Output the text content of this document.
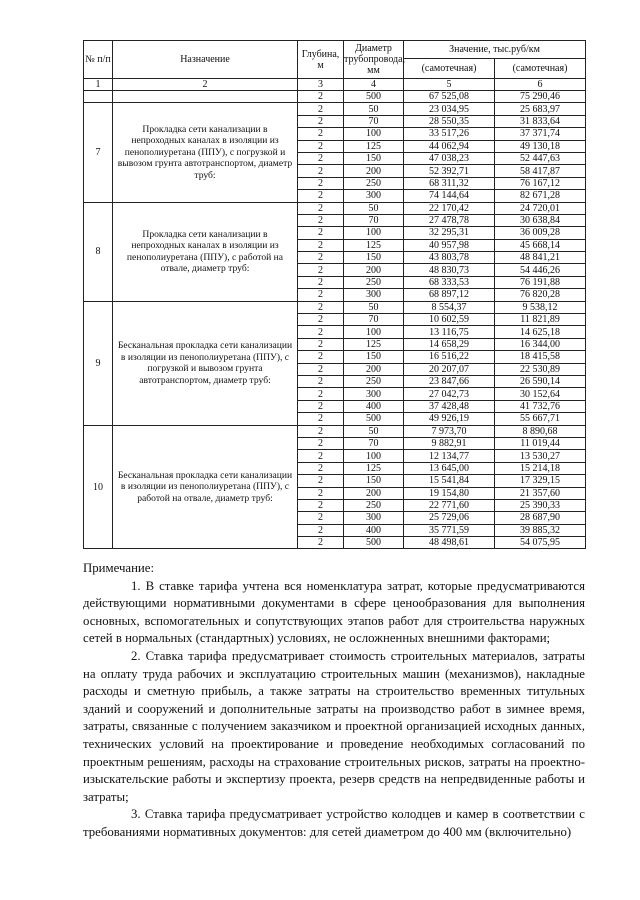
№ п/п	Назначение	Глубина, м	Диаметр трубопровода, мм	Значение, тыс.руб/км	
				(самотечная)	(самотечная)
1	2	3	4	5	6
		2	500	67 525,08	75 290,46
7	Прокладка сети канализации в непроходных каналах в изоляции из пенополиуретана (ППУ), с погрузкой и вывозом грунта автотранспортом, диаметр труб:	2	50	23 034,95	25 683,97
		2	70	28 550,35	31 833,64
		2	100	33 517,26	37 371,74
		2	125	44 062,94	49 130,18
		2	150	47 038,23	52 447,63
		2	200	52 392,71	58 417,87
		2	250	68 311,32	76 167,12
		2	300	74 144,64	82 671,28
8	Прокладка сети канализации в непроходных каналах в изоляции из пенополиуретана (ППУ), с работой на отвале, диаметр труб:	2	50	22 170,42	24 720,01
		2	70	27 478,78	30 638,84
		2	100	32 295,31	36 009,28
		2	125	40 957,98	45 668,14
		2	150	43 803,78	48 841,21
		2	200	48 830,73	54 446,26
		2	250	68 333,53	76 191,88
		2	300	68 897,12	76 820,28
9	Бесканальная прокладка сети канализации в изоляции из пенополиуретана (ППУ), с погрузкой и вывозом грунта автотранспортом, диаметр труб:	2	50	8 554,37	9 538,12
		2	70	10 602,59	11 821,89
		2	100	13 116,75	14 625,18
		2	125	14 658,29	16 344,00
		2	150	16 516,22	18 415,58
		2	200	20 207,07	22 530,89
		2	250	23 847,66	26 590,14
		2	300	27 042,73	30 152,64
		2	400	37 428,48	41 732,76
		2	500	49 926,19	55 667,71
10	Бесканальная прокладка сети канализации в изоляции из пенополиуретана (ППУ), с работой на отвале, диаметр труб:	2	50	7 973,70	8 890,68
		2	70	9 882,91	11 019,44
		2	100	12 134,77	13 530,27
		2	125	13 645,00	15 214,18
		2	150	15 541,84	17 329,15
		2	200	19 154,80	21 357,60
		2	250	22 771,60	25 390,33
		2	300	25 729,06	28 687,90
		2	400	35 771,59	39 885,32
		2	500	48 498,61	54 075,95

Примечание:

1. В ставке тарифа учтена вся номенклатура затрат, которые предусматриваются действующими нормативными документами в сфере ценообразования для выполнения основных, вспомогательных и сопутствующих этапов работ для строительства наружных сетей в нормальных (стандартных) условиях, не осложненных внешними факторами;

2. Ставка тарифа предусматривает стоимость строительных материалов, затраты на оплату труда рабочих и эксплуатацию строительных машин (механизмов), накладные расходы и сметную прибыль, а также затраты на строительство временных титульных зданий и сооружений и дополнительные затраты на производство работ в зимнее время, затраты, связанные с получением заказчиком и проектной организацией исходных данных, технических условий на проектирование и проведение необходимых согласований по проектным решениям, расходы на страхование строительных рисков, затраты на проектно-изыскательские работы и экспертизу проекта, резерв средств на непредвиденные работы и затраты;

3. Ставка тарифа предусматривает устройство колодцев и камер в соответствии с требованиями нормативных документов: для сетей диаметром до 400 мм (включительно)
